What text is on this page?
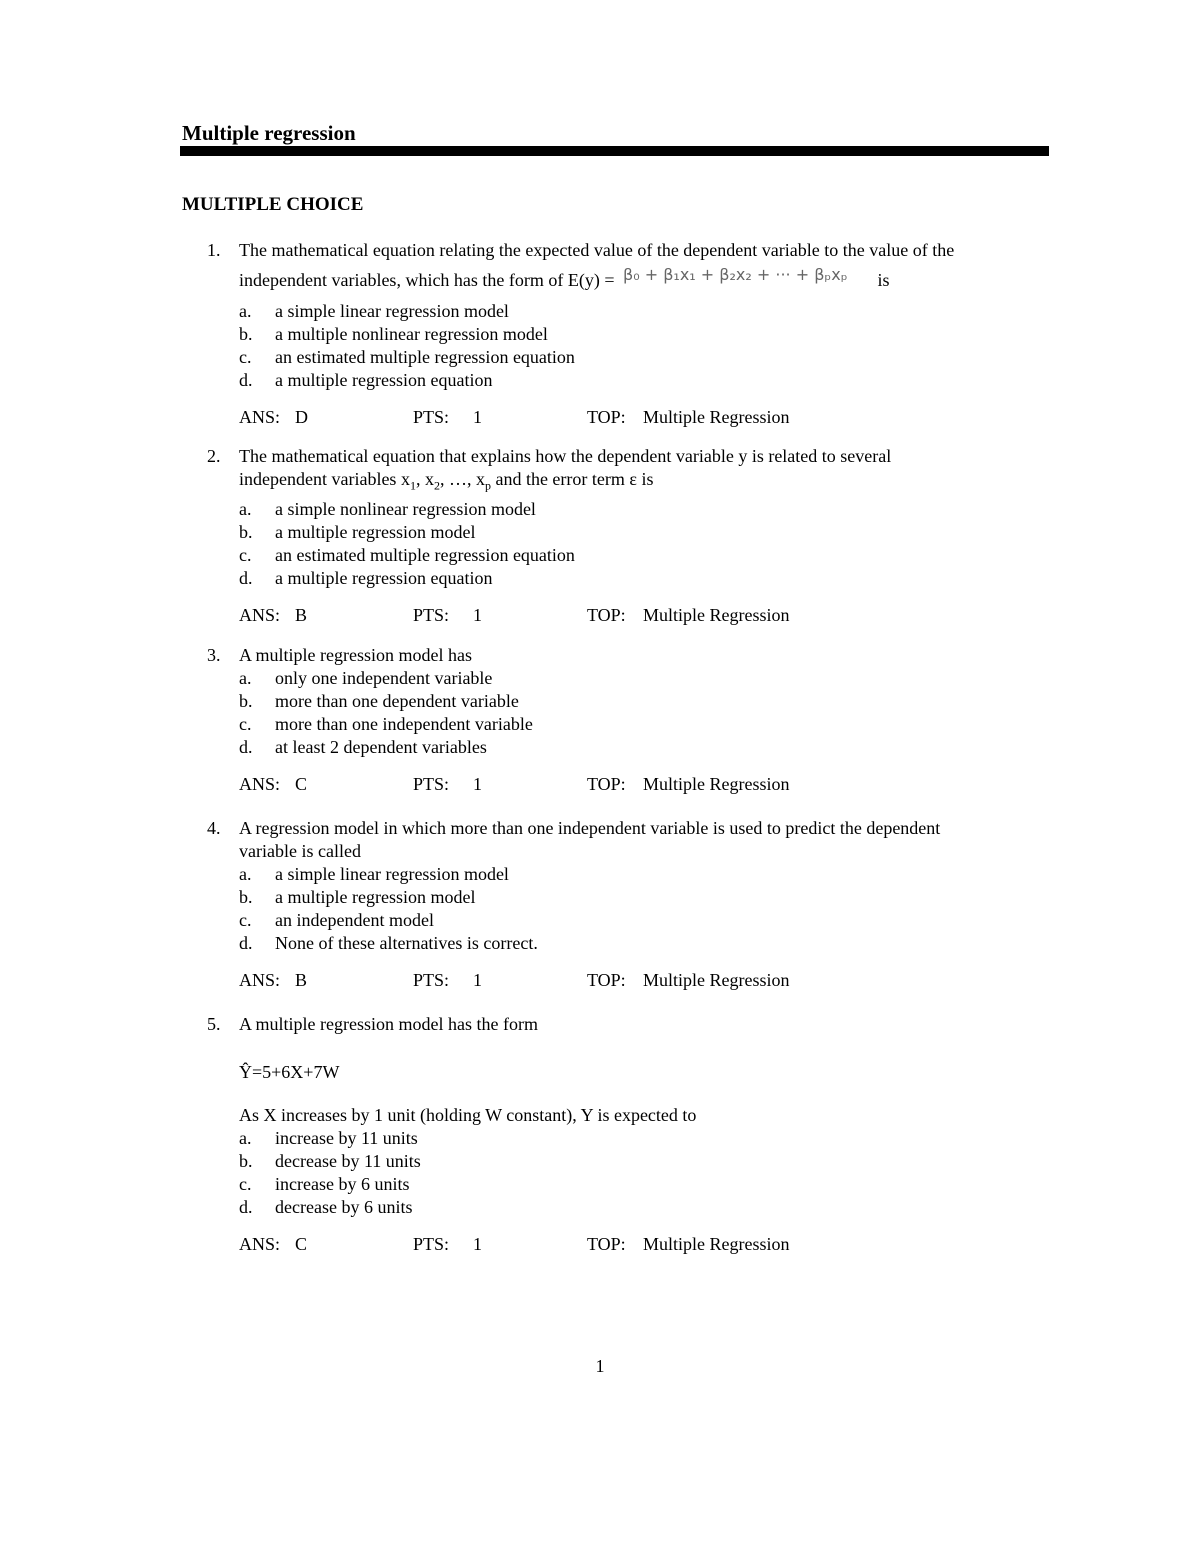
Multiple regression
MULTIPLE CHOICE
1. The mathematical equation relating the expected value of the dependent variable to the value of the
independent variables, which has the form of E(y) = β₀ + β₁x₁ + β₂x₂ + ··· + βₚxₚ is
a. a simple linear regression model
b. a multiple nonlinear regression model
c. an estimated multiple regression equation
d. a multiple regression equation
ANS: D	PTS: 1	TOP: Multiple Regression
2. The mathematical equation that explains how the dependent variable y is related to several
independent variables $x_1$, $x_2$, …, $x_p$ and the error term ε is
a. a simple nonlinear regression model
b. a multiple regression model
c. an estimated multiple regression equation
d. a multiple regression equation
ANS: B	PTS: 1	TOP: Multiple Regression
3. A multiple regression model has
a. only one independent variable
b. more than one dependent variable
c. more than one independent variable
d. at least 2 dependent variables
ANS: C	PTS: 1	TOP: Multiple Regression
4. A regression model in which more than one independent variable is used to predict the dependent
variable is called
a. a simple linear regression model
b. a multiple regression model
c. an independent model
d. None of these alternatives is correct.
ANS: B	PTS: 1	TOP: Multiple Regression
5. A multiple regression model has the form
Ŷ=5+6X+7W
As X increases by 1 unit (holding W constant), Y is expected to
a. increase by 11 units
b. decrease by 11 units
c. increase by 6 units
d. decrease by 6 units
ANS: C	PTS: 1	TOP: Multiple Regression
1
